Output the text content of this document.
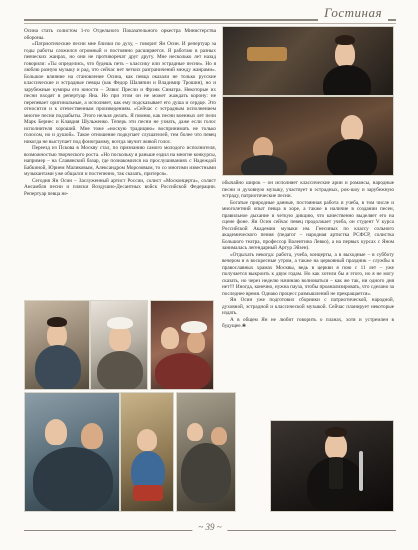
Гостиная

Осина стать солистом 1-го Отдельного Показательного оркестра Министерства обороны.

«Патриотические песни мне близки по духу, – говорит Ян Осин. И репертуар за годы работы сложился огромный и постоянно расширяется. Я работаю в разных певческих жанрах, но они не противоречат друг другу. Мне несколько лет назад говорили: «Ты определись, что будешь петь – классику или эстрадные песни». Но я люблю разную музыку и рад, что сейчас нет четких разграничений между жанрами». Большое влияние на становление Осина, как певца оказали не только русские классические и эстрадные певцы (как Федор Шаляпин и Владимир Трошин), но и зарубежные кумиры его юности – Элвис Пресли и Фрэнк Синатра. Некоторые их песни входят в репертуар Яна. Но при этом он не может жаждать корону: не перепевает оригинальные, а исполняет, как ему подсказывает его душа и сердце. Это относится и к отечественным произведениям. «Сейчас с эстрадным исполнением многие песни подзабыты. Этого нельзя делать. Я помню, как песни военных лет пели Марк Бернес и Клавдия Шульженко. Теперь эти песни не узнать, даже если голос исполнителя хороший. Мне тоже «носкую традицию» воспринимать не только голосом, но и душой». Такое отношение подкупает слушателей, тем более что певец никогда не выступает под фонограмму, всегда звучит живой голос.

Переезд из Пскова в Москву стал, по признанию самого молодого исполнителя, возможностью творческого роста. «Но поскольку я раньше ездил на многие конкурсы, например – на Славянский базар, где познакомился на прослушиваниях с Надеждой Бабкиной, Юрием Маликовым, Александром Морозовым, то со многими известными музыкантами уже общался и постепенно, так сказать, притерся».

Сегодня Ян Осин – Заслуженный артист России, солист «Москонцерта», солист Ансамбля песни и пляски Воздушно-Десантных войск Российской Федерации. Репертуар певца не-

обычайно широк – он исполняет классические арии и романсы, народные песни и духовную музыку, участвует в эстрадных, рок-шоу и зарубежную эстраду, патриотические песни.

Богатые природные данные, постоянная работа и учеба, в том числе и многолетний опыт певца в хоре, а также в наличие в создании песен, правильное дыхание и четкую дикцию, что качественно выделяет его на сцене фоне. Ян Осин сейчас певец продолжает учеба, он студент V курса Российской Академии музыки им. Гнесиных по классу сольного академического пения (педагог – народная артистка РСФСР, солистка Большого театра, профессор Валентина Левко), а на первых курсах с Яном занималась легендарный Артур Эйзен).

«Отдыхать некогда: работа, учеба, концерты, а в выходные – в субботу вечером и в воскресные утром, а также на церковный праздник – службы в православных храмах Москвы, ведь в церкви я пою с 11 лет – уже получается выкроить к двум годам. Но как хотели бы я этого, но я не могу сказать, но через неделю начинаю волноваться – как же так, ни одного дня нет!!! Иногда, конечно, нужна пауза, чтобы проанализировать, что сделано за последнее время. Однако процесс размышлений не прекращается».

Ян Осин уже подготовил сборники с патриотической, народной, духовной, эстрадной и классической музыкой. Сейчас планирует некоторые издать.

А в общем Ян не любит говорить о планах, хотя и устремлен в будущее.❀

~ 39 ~
